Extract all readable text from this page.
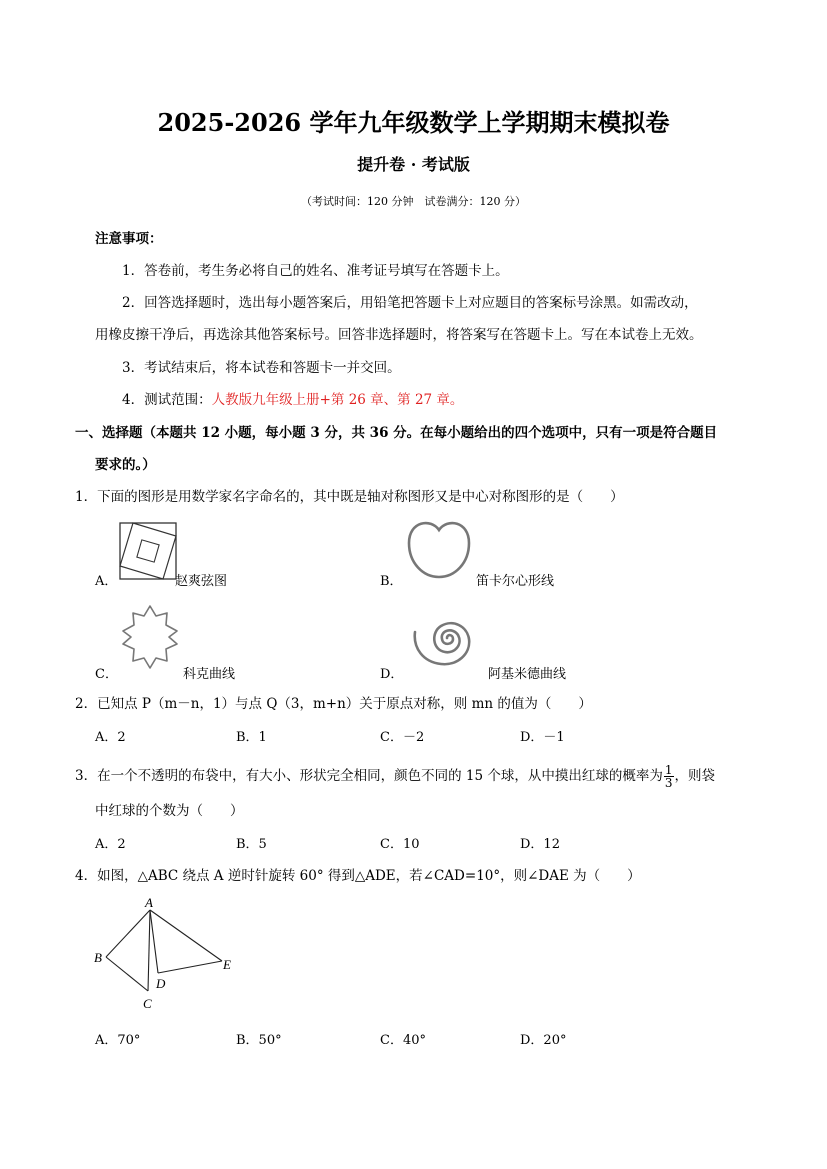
2025-2026 学年九年级数学上学期期末模拟卷
提升卷 · 考试版
（考试时间：120 分钟　试卷满分：120 分）
注意事项：
1．答卷前，考生务必将自己的姓名、准考证号填写在答题卡上。
2．回答选择题时，选出每小题答案后，用铅笔把答题卡上对应题目的答案标号涂黑。如需改动，
用橡皮擦干净后，再选涂其他答案标号。回答非选择题时，将答案写在答题卡上。写在本试卷上无效。
3．考试结束后，将本试卷和答题卡一并交回。
4．测试范围：人教版九年级上册+第 26 章、第 27 章。
一、选择题（本题共 12 小题，每小题 3 分，共 36 分。在每小题给出的四个选项中，只有一项是符合题目
要求的。）
1．下面的图形是用数学家名字命名的，其中既是轴对称图形又是中心对称图形的是（　　）
A．	赵爽弦图	B．	笛卡尔心形线
C．	科克曲线	D．	阿基米德曲线
2．已知点 P（m－n，1）与点 Q（3，m+n）关于原点对称，则 mn 的值为（　　）
A．2	B．1	C．－2	D．－1
3．在一个不透明的布袋中，有大小、形状完全相同，颜色不同的 15 个球，从中摸出红球的概率为 $\frac{1}{3}$ ，则袋
中红球的个数为（　　）
A．2	B．5	C．10	D．12
4．如图，△ABC 绕点 A 逆时针旋转 60° 得到△ADE，若∠CAD=10°，则∠DAE 为（　　）
A
B
C
D
E
A．70°	B．50°	C．40°	D．20°
